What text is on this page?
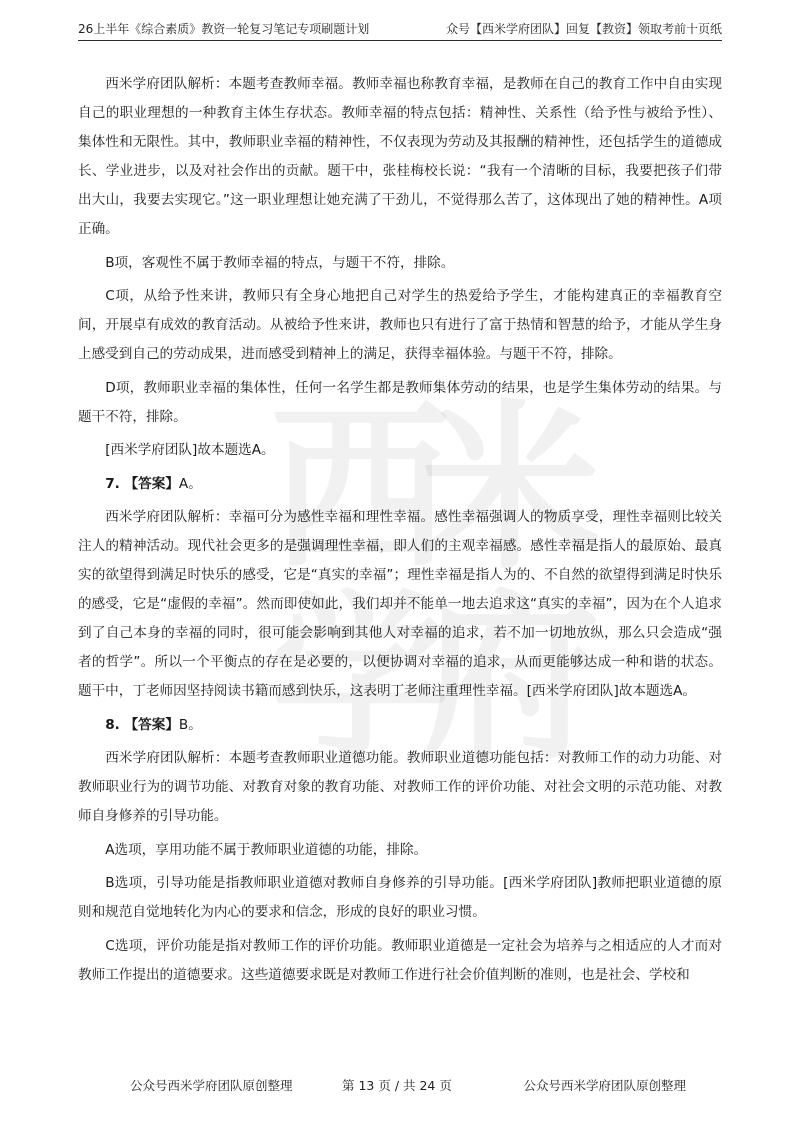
26上半年《综合素质》教资一轮复习笔记专项刷题计划	众号【西米学府团队】回复【教资】领取考前十页纸
西
米
学
府

西米学府团队解析：本题考查教师幸福。教师幸福也称教育幸福，是教师在自己的教育工作中自由实现自己的职业理想的一种教育主体生存状态。教师幸福的特点包括：精神性、关系性（给予性与被给予性）、集体性和无限性。其中，教师职业幸福的精神性，不仅表现为劳动及其报酬的精神性，还包括学生的道德成长、学业进步，以及对社会作出的贡献。题干中，张桂梅校长说：“我有一个清晰的目标，我要把孩子们带出大山，我要去实现它。”这一职业理想让她充满了干劲儿，不觉得那么苦了，这体现出了她的精神性。A项正确。

B项，客观性不属于教师幸福的特点，与题干不符，排除。

C项，从给予性来讲，教师只有全身心地把自己对学生的热爱给予学生，才能构建真正的幸福教育空间，开展卓有成效的教育活动。从被给予性来讲，教师也只有进行了富于热情和智慧的给予，才能从学生身上感受到自己的劳动成果，进而感受到精神上的满足，获得幸福体验。与题干不符，排除。

D项，教师职业幸福的集体性，任何一名学生都是教师集体劳动的结果，也是学生集体劳动的结果。与题干不符，排除。

[西米学府团队]故本题选A。

7. 【答案】A。

西米学府团队解析：幸福可分为感性幸福和理性幸福。感性幸福强调人的物质享受，理性幸福则比较关注人的精神活动。现代社会更多的是强调理性幸福，即人们的主观幸福感。感性幸福是指人的最原始、最真实的欲望得到满足时快乐的感受，它是“真实的幸福”；理性幸福是指人为的、不自然的欲望得到满足时快乐的感受，它是“虚假的幸福”。然而即使如此，我们却并不能单一地去追求这“真实的幸福”，因为在个人追求到了自己本身的幸福的同时，很可能会影响到其他人对幸福的追求，若不加一切地放纵，那么只会造成“强者的哲学”。所以一个平衡点的存在是必要的，以便协调对幸福的追求，从而更能够达成一种和谐的状态。题干中，丁老师因坚持阅读书籍而感到快乐，这表明丁老师注重理性幸福。[西米学府团队]故本题选A。

8. 【答案】B。

西米学府团队解析：本题考查教师职业道德功能。教师职业道德功能包括：对教师工作的动力功能、对教师职业行为的调节功能、对教育对象的教育功能、对教师工作的评价功能、对社会文明的示范功能、对教师自身修养的引导功能。

A选项，享用功能不属于教师职业道德的功能，排除。

B选项，引导功能是指教师职业道德对教师自身修养的引导功能。[西米学府团队]教师把职业道德的原则和规范自觉地转化为内心的要求和信念，形成的良好的职业习惯。

C选项，评价功能是指对教师工作的评价功能。教师职业道德是一定社会为培养与之相适应的人才而对教师工作提出的道德要求。这些道德要求既是对教师工作进行社会价值判断的准则，也是社会、学校和

公众号西米学府团队原创整理	第 13 页 / 共 24 页	公众号西米学府团队原创整理
